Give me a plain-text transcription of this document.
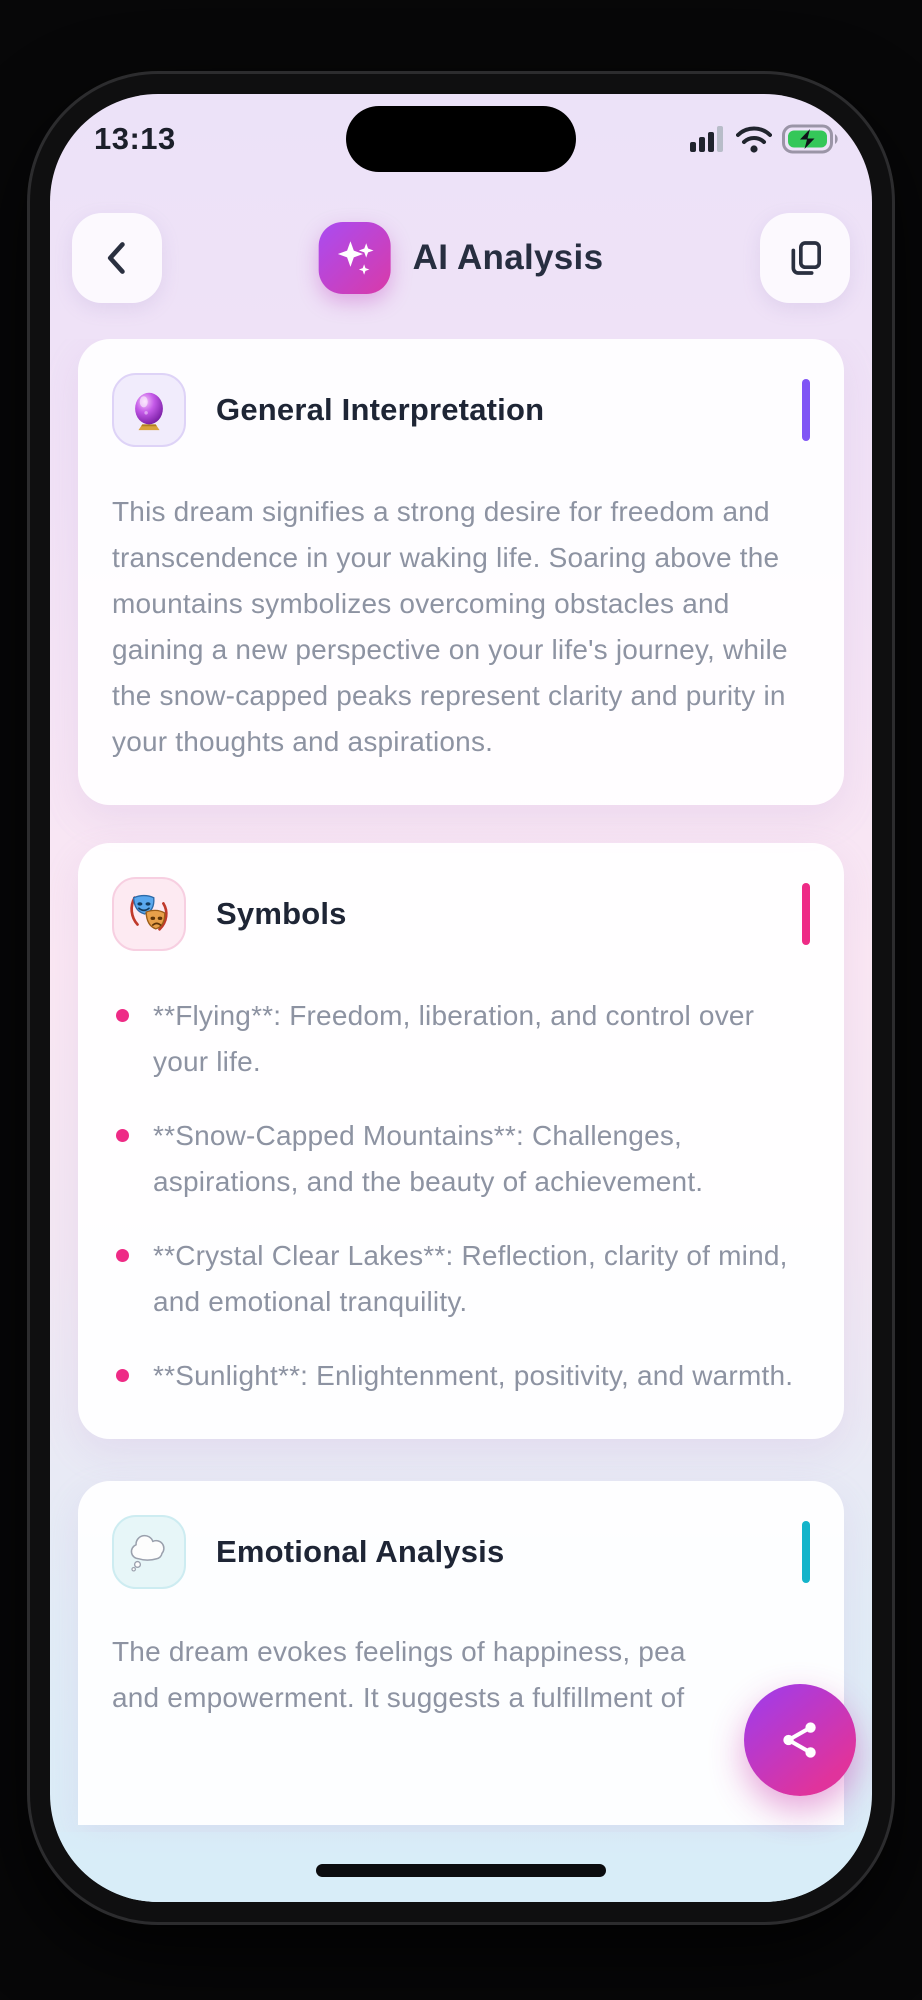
13:13
AI Analysis
General Interpretation

This dream signifies a strong desire for freedom and transcendence in your waking life. Soaring above the mountains symbolizes overcoming obstacles and gaining a new perspective on your life's journey, while the snow-capped peaks represent clarity and purity in your thoughts and aspirations.

Symbols
**Flying**: Freedom, liberation, and control over your life.
**Snow-Capped Mountains**: Challenges, aspirations, and the beauty of achievement.
**Crystal Clear Lakes**: Reflection, clarity of mind, and emotional tranquility.
**Sunlight**: Enlightenment, positivity, and warmth.
Emotional Analysis
The dream evokes feelings of happiness, pea
and empowerment. It suggests a fulfillment of
